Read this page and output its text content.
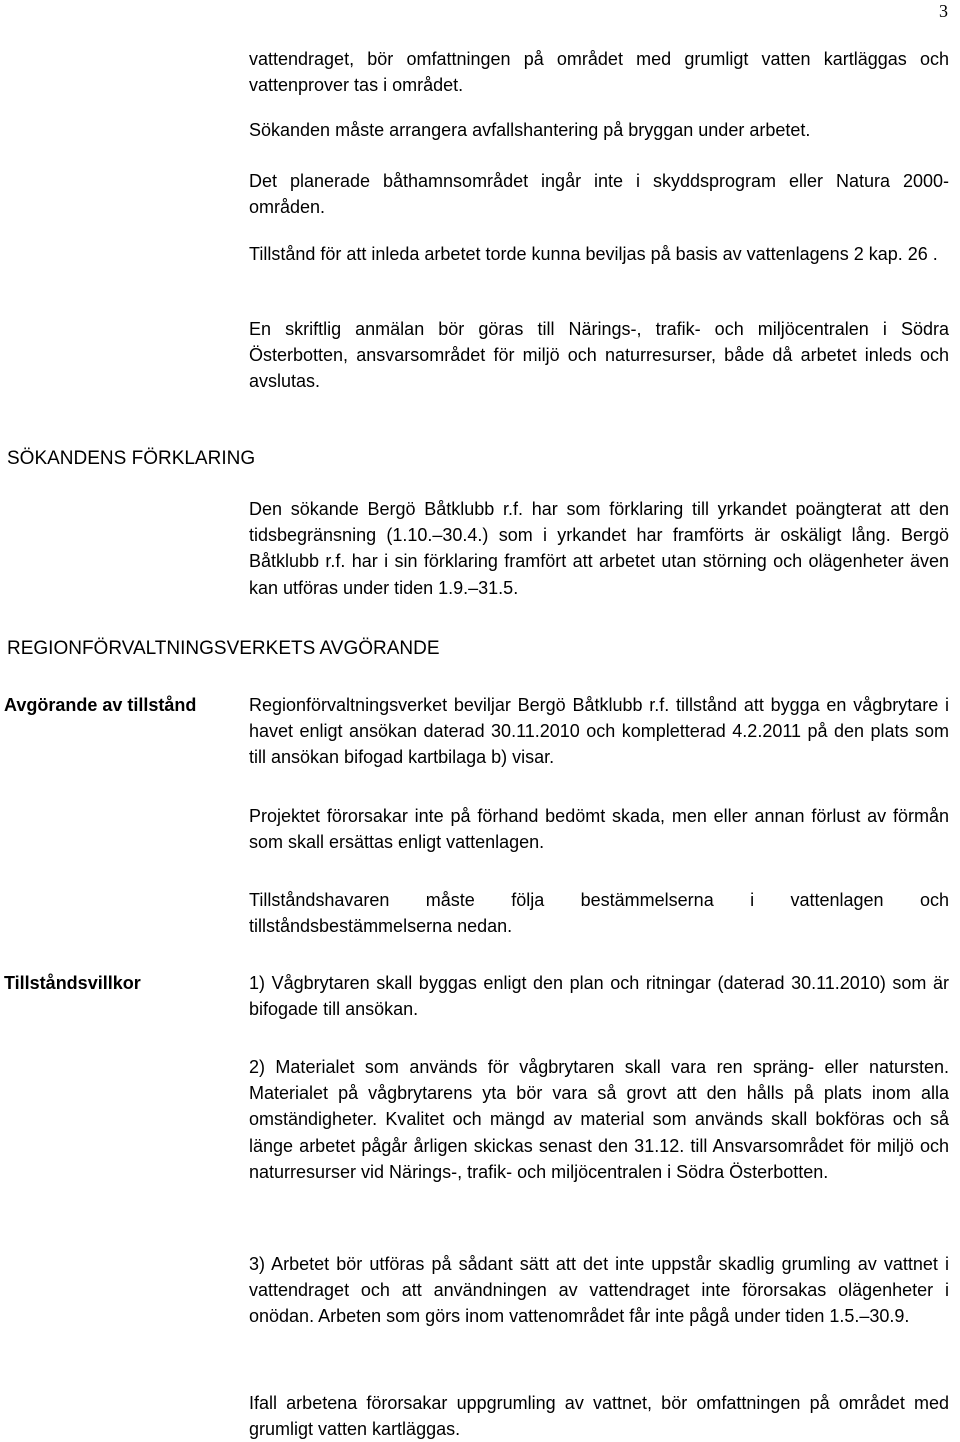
3

vattendraget, bör omfattningen på området med grumligt vatten kartläggas och vattenprover tas i området.

Sökanden måste arrangera avfallshantering på bryggan under arbetet.

Det planerade båthamnsområdet ingår inte i skyddsprogram eller Natura 2000-områden.

Tillstånd för att inleda arbetet torde kunna beviljas på basis av vattenlagens 2 kap. 26 .

En skriftlig anmälan bör göras till Närings-, trafik- och miljöcentralen i Södra Österbotten, ansvarsområdet för miljö och naturresurser, både då arbetet inleds och avslutas.

SÖKANDENS FÖRKLARING

Den sökande Bergö Båtklubb r.f. har som förklaring till yrkandet poängterat att den tidsbegränsning (1.10.–30.4.) som i yrkandet har framförts är oskäligt lång. Bergö Båtklubb r.f. har i sin förklaring framfört att arbetet utan störning och olägenheter även kan utföras under tiden 1.9.–31.5.

REGIONFÖRVALTNINGSVERKETS AVGÖRANDE
Avgörande av tillstånd	Regionförvaltningsverket beviljar Bergö Båtklubb r.f. tillstånd att bygga en vågbrytare i havet enligt ansökan daterad 30.11.2010 och kompletterad 4.2.2011 på den plats som till ansökan bifogad kartbilaga b) visar.

Projektet förorsakar inte på förhand bedömt skada, men eller annan förlust av förmån som skall ersättas enligt vattenlagen.

Tillståndshavaren måste följa bestämmelserna i vattenlagen och tillståndsbestämmelserna nedan.

Tillståndsvillkor	1) Vågbrytaren skall byggas enligt den plan och ritningar (daterad 30.11.2010) som är bifogade till ansökan.

2) Materialet som används för vågbrytaren skall vara ren spräng- eller natursten. Materialet på vågbrytarens yta bör vara så grovt att den hålls på plats inom alla omständigheter. Kvalitet och mängd av material som används skall bokföras och så länge arbetet pågår årligen skickas senast den 31.12. till Ansvarsområdet för miljö och naturresurser vid Närings-, trafik- och miljöcentralen i Södra Österbotten.

3) Arbetet bör utföras på sådant sätt att det inte uppstår skadlig grumling av vattnet i vattendraget och att användningen av vattendraget inte förorsakas olägenheter i onödan. Arbeten som görs inom vattenområdet får inte pågå under tiden 1.5.–30.9.

Ifall arbetena förorsakar uppgrumling av vattnet, bör omfattningen på området med grumligt vatten kartläggas.
